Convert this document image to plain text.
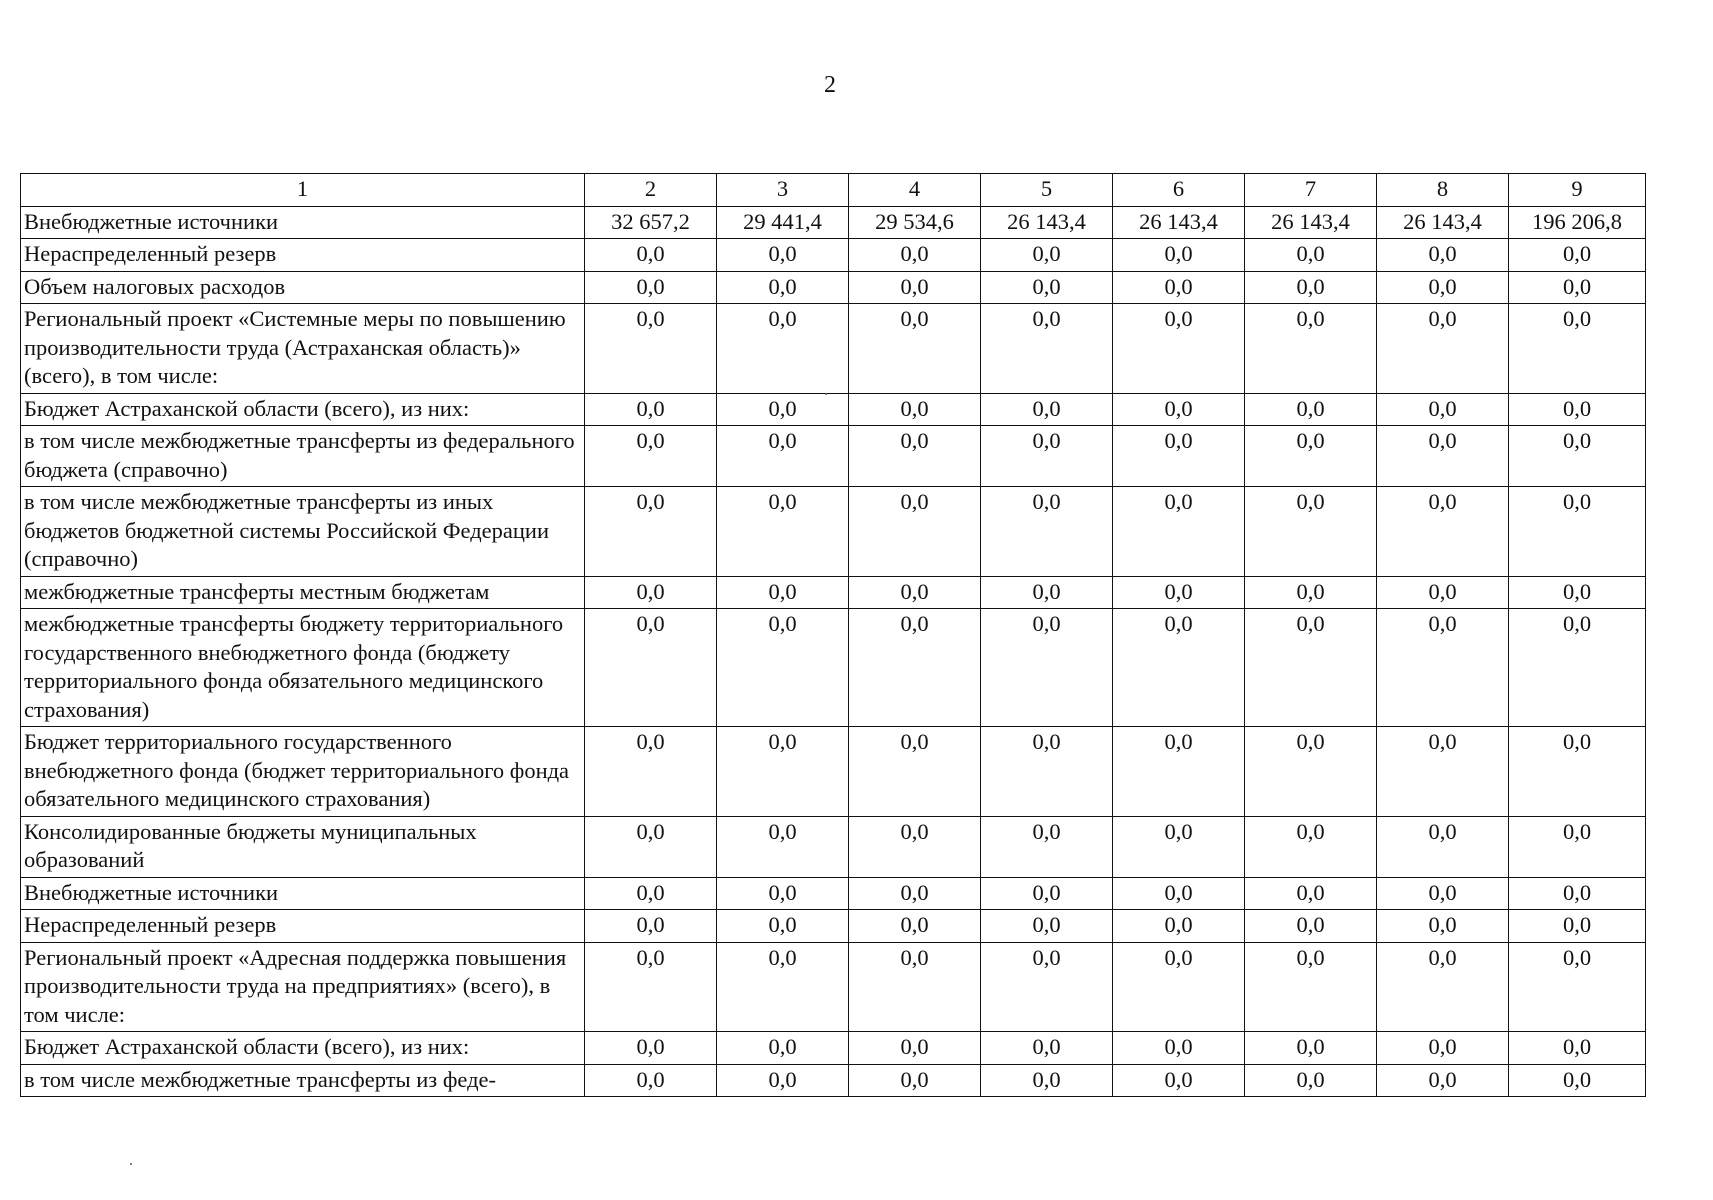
2
1	2	3	4	5	6	7	8	9
Внебюджетные источники	32 657,2	29 441,4	29 534,6	26 143,4	26 143,4	26 143,4	26 143,4	196 206,8
Нераспределенный резерв	0,0	0,0	0,0	0,0	0,0	0,0	0,0	0,0
Объем налоговых расходов	0,0	0,0	0,0	0,0	0,0	0,0	0,0	0,0
Региональный проект «Системные меры по повышению производительности труда (Астраханская область)» (всего), в том числе:	0,0	0,0	0,0	0,0	0,0	0,0	0,0	0,0
Бюджет Астраханской области (всего), из них:	0,0	0,0	0,0	0,0	0,0	0,0	0,0	0,0
в том числе межбюджетные трансферты из федерального бюджета (справочно)	0,0	0,0	0,0	0,0	0,0	0,0	0,0	0,0
в том числе межбюджетные трансферты из иных бюджетов бюджетной системы Российской Федерации (справочно)	0,0	0,0	0,0	0,0	0,0	0,0	0,0	0,0
межбюджетные трансферты местным бюджетам	0,0	0,0	0,0	0,0	0,0	0,0	0,0	0,0
межбюджетные трансферты бюджету территориального государственного внебюджетного фонда (бюджету территориального фонда обязательного медицинского страхования)	0,0	0,0	0,0	0,0	0,0	0,0	0,0	0,0
Бюджет территориального государственного внебюджетного фонда (бюджет территориального фонда обязательного медицинского страхования)	0,0	0,0	0,0	0,0	0,0	0,0	0,0	0,0
Консолидированные бюджеты муниципальных образований	0,0	0,0	0,0	0,0	0,0	0,0	0,0	0,0
Внебюджетные источники	0,0	0,0	0,0	0,0	0,0	0,0	0,0	0,0
Нераспределенный резерв	0,0	0,0	0,0	0,0	0,0	0,0	0,0	0,0
Региональный проект «Адресная поддержка повышения производительности труда на предприятиях» (всего), в том числе:	0,0	0,0	0,0	0,0	0,0	0,0	0,0	0,0
Бюджет Астраханской области (всего), из них:	0,0	0,0	0,0	0,0	0,0	0,0	0,0	0,0
в том числе межбюджетные трансферты из феде-	0,0	0,0	0,0	0,0	0,0	0,0	0,0	0,0
